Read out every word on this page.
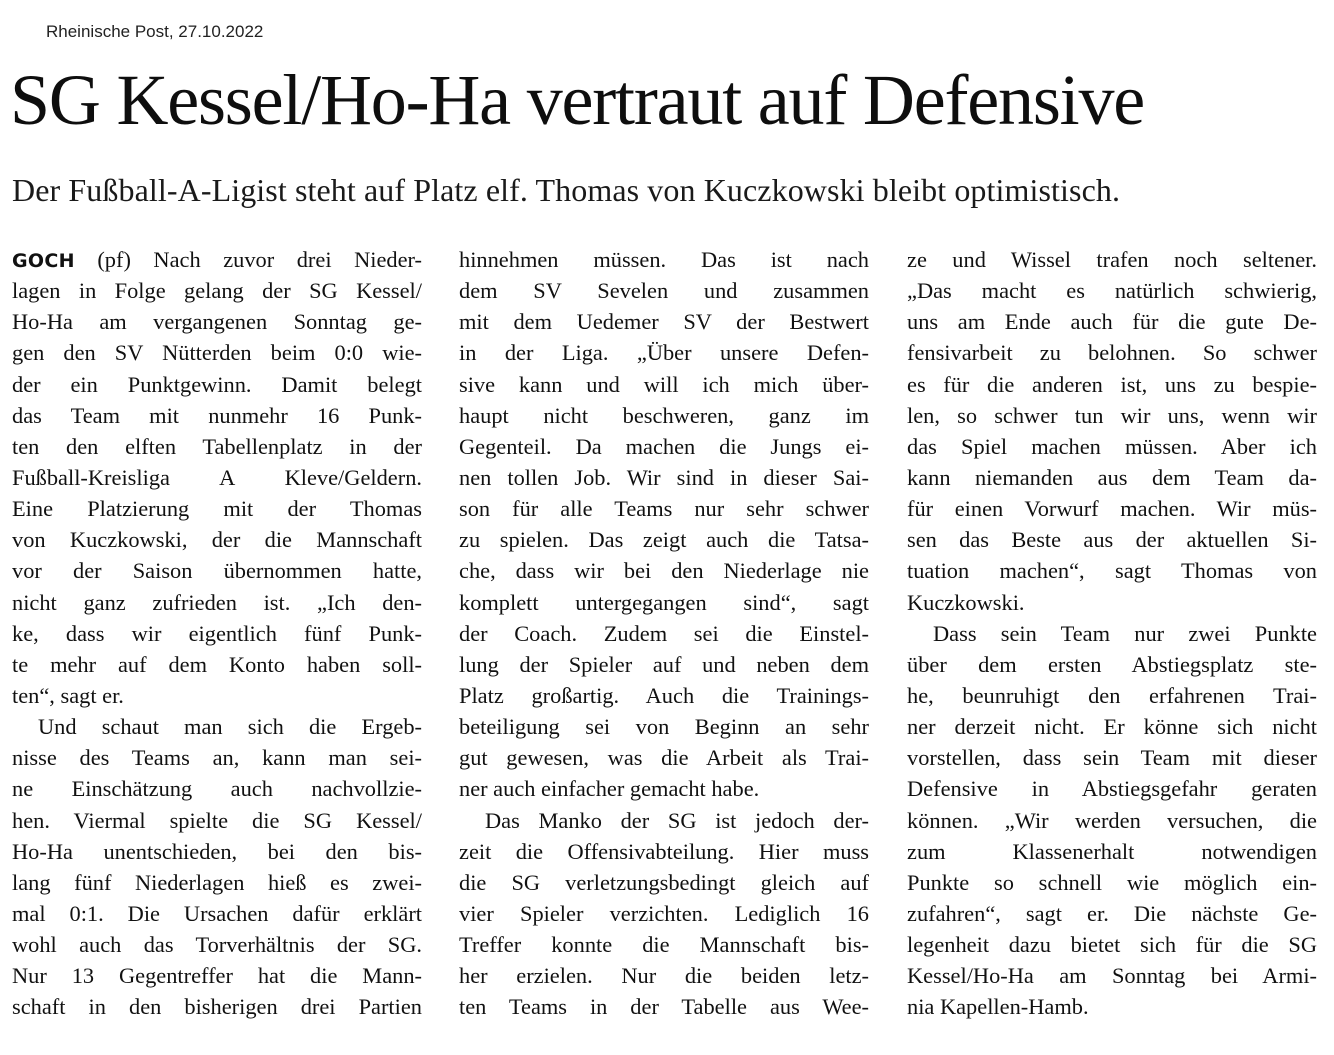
Rheinische Post, 27.10.2022
SG Kessel/Ho-Ha vertraut auf Defensive
Der Fußball-A-Ligist steht auf Platz elf. Thomas von Kuczkowski bleibt optimistisch.
GOCH (pf) Nach zuvor drei Nieder-
lagen in Folge gelang der SG Kessel/
Ho-Ha am vergangenen Sonntag ge-
gen den SV Nütterden beim 0:0 wie-
der ein Punktgewinn. Damit belegt
das Team mit nunmehr 16 Punk-
ten den elften Tabellenplatz in der
Fußball-Kreisliga A Kleve/Geldern.
Eine Platzierung mit der Thomas
von Kuczkowski, der die Mannschaft
vor der Saison übernommen hatte,
nicht ganz zufrieden ist. „Ich den-
ke, dass wir eigentlich fünf Punk-
te mehr auf dem Konto haben soll-
ten“, sagt er.
Und schaut man sich die Ergeb-
nisse des Teams an, kann man sei-
ne Einschätzung auch nachvollzie-
hen. Viermal spielte die SG Kessel/
Ho-Ha unentschieden, bei den bis-
lang fünf Niederlagen hieß es zwei-
mal 0:1. Die Ursachen dafür erklärt
wohl auch das Torverhältnis der SG.
Nur 13 Gegentreffer hat die Mann-
schaft in den bisherigen drei Partien
hinnehmen müssen. Das ist nach
dem SV Sevelen und zusammen
mit dem Uedemer SV der Bestwert
in der Liga. „Über unsere Defen-
sive kann und will ich mich über-
haupt nicht beschweren, ganz im
Gegenteil. Da machen die Jungs ei-
nen tollen Job. Wir sind in dieser Sai-
son für alle Teams nur sehr schwer
zu spielen. Das zeigt auch die Tatsa-
che, dass wir bei den Niederlage nie
komplett untergegangen sind“, sagt
der Coach. Zudem sei die Einstel-
lung der Spieler auf und neben dem
Platz großartig. Auch die Trainings-
beteiligung sei von Beginn an sehr
gut gewesen, was die Arbeit als Trai-
ner auch einfacher gemacht habe.
Das Manko der SG ist jedoch der-
zeit die Offensivabteilung. Hier muss
die SG verletzungsbedingt gleich auf
vier Spieler verzichten. Lediglich 16
Treffer konnte die Mannschaft bis-
her erzielen. Nur die beiden letz-
ten Teams in der Tabelle aus Wee-
ze und Wissel trafen noch seltener.
„Das macht es natürlich schwierig,
uns am Ende auch für die gute De-
fensivarbeit zu belohnen. So schwer
es für die anderen ist, uns zu bespie-
len, so schwer tun wir uns, wenn wir
das Spiel machen müssen. Aber ich
kann niemanden aus dem Team da-
für einen Vorwurf machen. Wir müs-
sen das Beste aus der aktuellen Si-
tuation machen“, sagt Thomas von
Kuczkowski.
Dass sein Team nur zwei Punkte
über dem ersten Abstiegsplatz ste-
he, beunruhigt den erfahrenen Trai-
ner derzeit nicht. Er könne sich nicht
vorstellen, dass sein Team mit dieser
Defensive in Abstiegsgefahr geraten
können. „Wir werden versuchen, die
zum Klassenerhalt notwendigen
Punkte so schnell wie möglich ein-
zufahren“, sagt er. Die nächste Ge-
legenheit dazu bietet sich für die SG
Kessel/Ho-Ha am Sonntag bei Armi-
nia Kapellen-Hamb.
